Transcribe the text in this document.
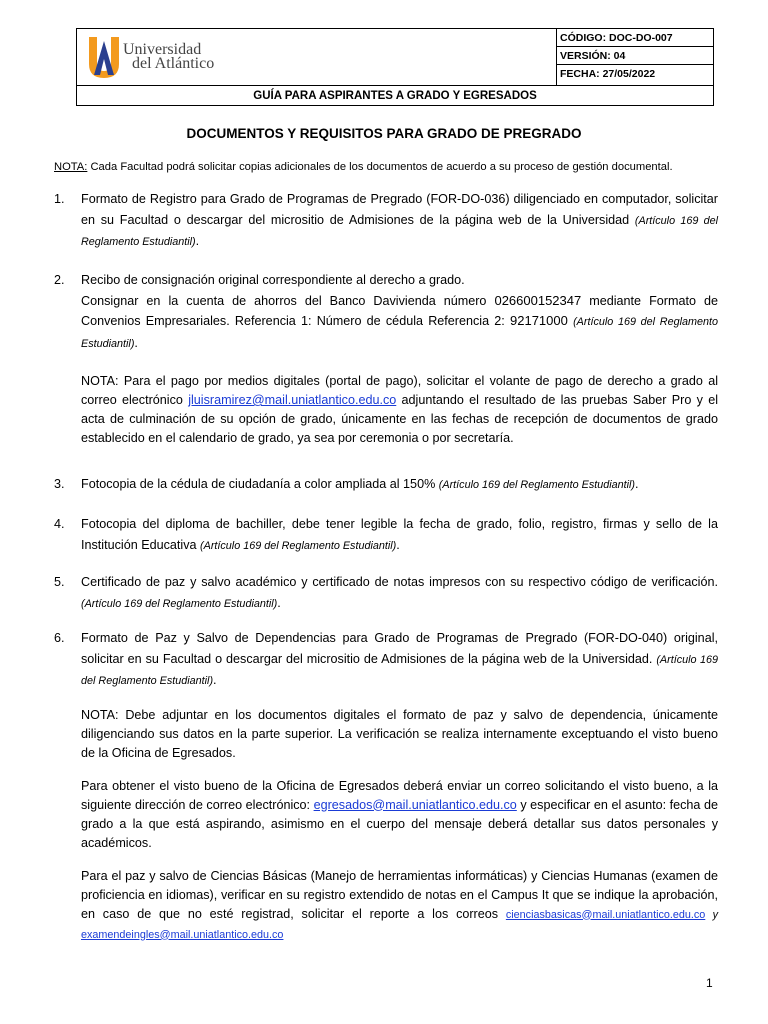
Universidad
del Atlántico
CÓDIGO: DOC-DO-007
VERSIÓN: 04
FECHA: 27/05/2022
GUÍA PARA ASPIRANTES A GRADO Y EGRESADOS
DOCUMENTOS Y REQUISITOS PARA GRADO DE PREGRADO
NOTA: Cada Facultad podrá solicitar copias adicionales de los documentos de acuerdo a su proceso de gestión documental.
1.	Formato de Registro para Grado de Programas de Pregrado (FOR-DO-036) diligenciado en computador, solicitar en su Facultad o descargar del micrositio de Admisiones de la página web de la Universidad (Artículo 169 del Reglamento Estudiantil).
2.	Recibo de consignación original correspondiente al derecho a grado.
Consignar en la cuenta de ahorros del Banco Davivienda número 026600152347 mediante Formato de Convenios Empresariales. Referencia 1: Número de cédula Referencia 2: 92171000 (Artículo 169 del Reglamento Estudiantil).
NOTA: Para el pago por medios digitales (portal de pago), solicitar el volante de pago de derecho a grado al correo electrónico jluisramirez@mail.uniatlantico.edu.co adjuntando el resultado de las pruebas Saber Pro y el acta de culminación de su opción de grado, únicamente en las fechas de recepción de documentos de grado establecido en el calendario de grado, ya sea por ceremonia o por secretaría.
3.	Fotocopia de la cédula de ciudadanía a color ampliada al 150% (Artículo 169 del Reglamento Estudiantil).
4.	Fotocopia del diploma de bachiller, debe tener legible la fecha de grado, folio, registro, firmas y sello de la Institución Educativa (Artículo 169 del Reglamento Estudiantil).
5.	Certificado de paz y salvo académico y certificado de notas impresos con su respectivo código de verificación. (Artículo 169 del Reglamento Estudiantil).
6.	Formato de Paz y Salvo de Dependencias para Grado de Programas de Pregrado (FOR-DO-040) original, solicitar en su Facultad o descargar del micrositio de Admisiones de la página web de la Universidad. (Artículo 169 del Reglamento Estudiantil).
NOTA: Debe adjuntar en los documentos digitales el formato de paz y salvo de dependencia, únicamente diligenciando sus datos en la parte superior. La verificación se realiza internamente exceptuando el visto bueno de la Oficina de Egresados.
Para obtener el visto bueno de la Oficina de Egresados deberá enviar un correo solicitando el visto bueno, a la siguiente dirección de correo electrónico: egresados@mail.uniatlantico.edu.co y especificar en el asunto: fecha de grado a la que está aspirando, asimismo en el cuerpo del mensaje deberá detallar sus datos personales y académicos.
Para el paz y salvo de Ciencias Básicas (Manejo de herramientas informáticas) y Ciencias Humanas (examen de proficiencia en idiomas), verificar en su registro extendido de notas en el Campus It que se indique la aprobación, en caso de que no esté registrad, solicitar el reporte a los correos cienciasbasicas@mail.uniatlantico.edu.co y examendeingles@mail.uniatlantico.edu.co
1
